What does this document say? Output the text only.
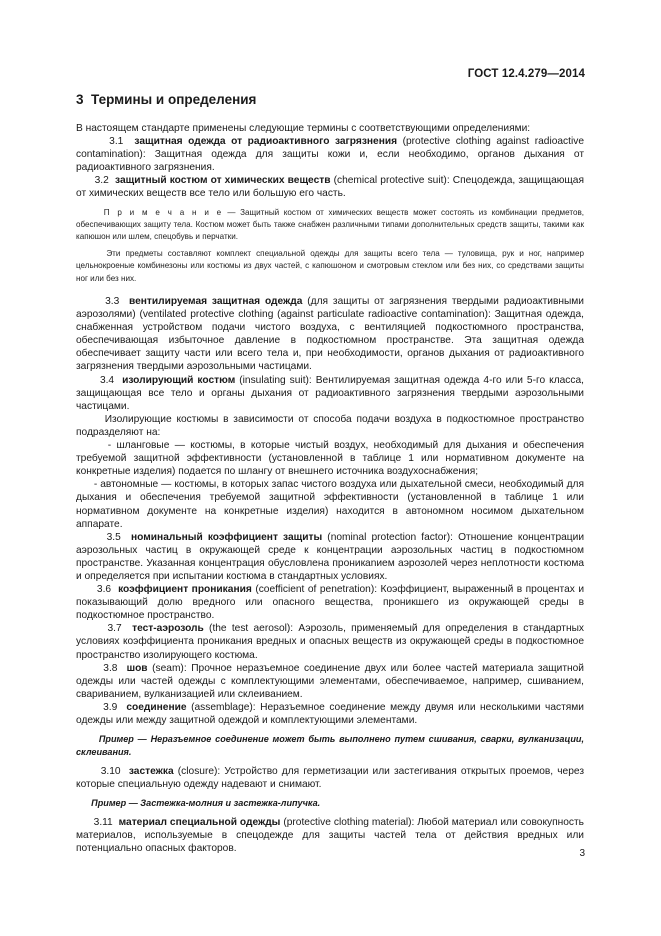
ГОСТ 12.4.279—2014
3 Термины и определения

В настоящем стандарте применены следующие термины с соответствующими определениями:

3.1 защитная одежда от радиоактивного загрязнения (protective clothing against radioactive contamination): Защитная одежда для защиты кожи и, если необходимо, органов дыхания от радиоактивного загрязнения.

3.2 защитный костюм от химических веществ (chemical protective suit): Спецодежда, защищающая от химических веществ все тело или большую его часть.

П р и м е ч а н и е — Защитный костюм от химических веществ может состоять из комбинации предметов, обеспечивающих защиту тела. Костюм может быть также снабжен различными типами дополнительных средств защиты, такими как капюшон или шлем, спецобувь и перчатки.

Эти предметы составляют комплект специальной одежды для защиты всего тела — туловища, рук и ног, например цельнокроеные комбинезоны или костюмы из двух частей, с капюшоном и смотровым стеклом или без них, со средствами защиты ног или без них.

3.3 вентилируемая защитная одежда (для защиты от загрязнения твердыми радиоактивными аэрозолями) (ventilated protective clothing (against particulate radioactive contamination): Защитная одежда, снабженная устройством подачи чистого воздуха, с вентиляцией подкостюмного пространства, обеспечивающая избыточное давление в подкостюмном пространстве. Эта защитная одежда обеспечивает защиту части или всего тела и, при необходимости, органов дыхания от радиоактивного загрязнения твердыми аэрозольными частицами.

3.4 изолирующий костюм (insulating suit): Вентилируемая защитная одежда 4-го или 5-го класса, защищающая все тело и органы дыхания от радиоактивного загрязнения твердыми аэрозольными частицами.

Изолирующие костюмы в зависимости от способа подачи воздуха в подкостюмное пространство подразделяют на:

- шланговые — костюмы, в которые чистый воздух, необходимый для дыхания и обеспечения требуемой защитной эффективности (установленной в таблице 1 или нормативном документе на конкретные изделия) подается по шлангу от внешнего источника воздухоснабжения;

- автономные — костюмы, в которых запас чистого воздуха или дыхательной смеси, необходимый для дыхания и обеспечения требуемой защитной эффективности (установленной в таблице 1 или нормативном документе на конкретные изделия) находится в автономном носимом дыхательном аппарате.

3.5 номинальный коэффициент защиты (nominal protection factor): Отношение концентрации аэрозольных частиц в окружающей среде к концентрации аэрозольных частиц в подкостюмном пространстве. Указанная концентрация обусловлена проникanием аэрозолей через неплотности костюма и определяется при испытании костюма в стандартных условиях.

3.6 коэффициент проникания (coefficient of penetration): Коэффициент, выраженный в процентах и показывающий долю вредного или опасного вещества, проникшего из окружающей среды в подкостюмное пространство.

3.7 тест-аэрозоль (the test aerosol): Аэрозоль, применяемый для определения в стандартных условиях коэффициента проникания вредных и опасных веществ из окружающей среды в подкостюмное пространство изолирующего костюма.

3.8 шов (seam): Прочное неразъемное соединение двух или более частей материала защитной одежды или частей одежды с комплектующими элементами, обеспечиваемое, например, сшиванием, свариванием, вулканизацией или склеиванием.

3.9 соединение (assemblage): Неразъемное соединение между двумя или несколькими частями одежды или между защитной одеждой и комплектующими элементами.

Пример — Неразъемное соединение может быть выполнено путем сшивания, сварки, вулканизации, склеивания.

3.10 застежка (closure): Устройство для герметизации или застегивания открытых проемов, через которые специальную одежду надевают и снимают.

Пример — Застежка-молния и застежка-липучка.

3.11 материал специальной одежды (protective clothing material): Любой материал или совокупность материалов, используемые в спецодежде для защиты частей тела от действия вредных или потенциально опасных факторов.	3
